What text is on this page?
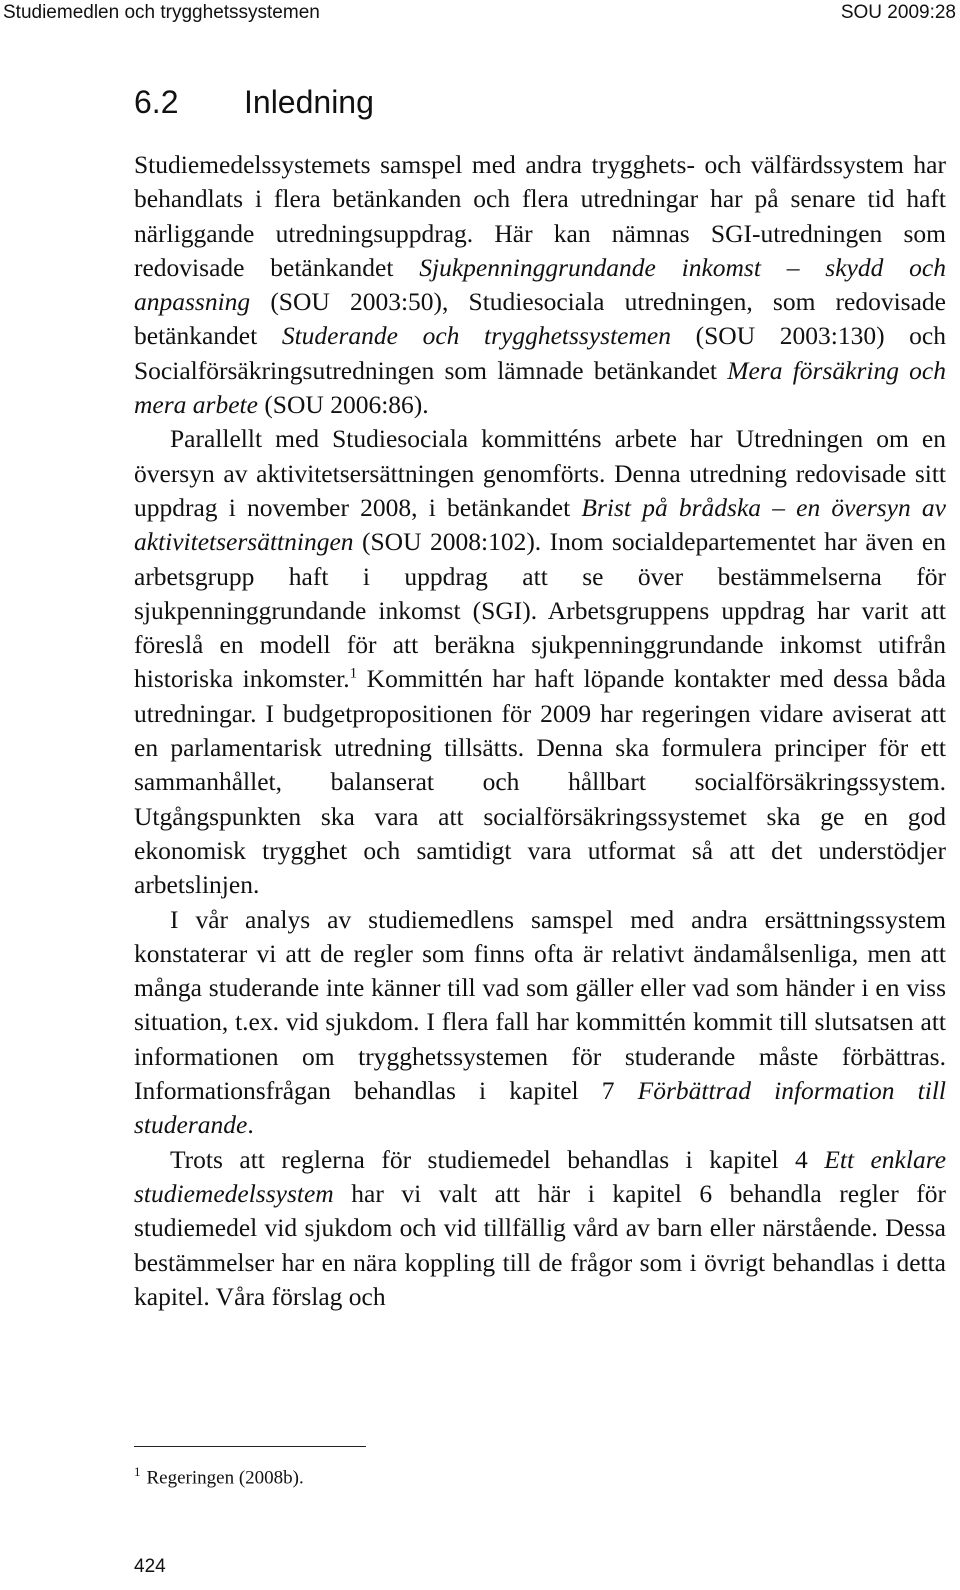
Studiemedlen och trygghetssystemen	SOU 2009:28
6.2 Inledning

Studiemedelssystemets samspel med andra trygghets- och välfärdssystem har behandlats i flera betänkanden och flera utredningar har på senare tid haft närliggande utredningsuppdrag. Här kan nämnas SGI-utredningen som redovisade betänkandet Sjukpenninggrundande inkomst – skydd och anpassning (SOU 2003:50), Studiesociala utredningen, som redovisade betänkandet Studerande och trygghetssystemen (SOU 2003:130) och Socialförsäkringsutredningen som lämnade betänkandet Mera försäkring och mera arbete (SOU 2006:86).

Parallellt med Studiesociala kommitténs arbete har Utredningen om en översyn av aktivitetsersättningen genomförts. Denna utredning redovisade sitt uppdrag i november 2008, i betänkandet Brist på brådska – en översyn av aktivitetsersättningen (SOU 2008:102). Inom socialdepartementet har även en arbetsgrupp haft i uppdrag att se över bestämmelserna för sjukpenninggrundande inkomst (SGI). Arbetsgruppens uppdrag har varit att föreslå en modell för att beräkna sjukpenninggrundande inkomst utifrån historiska inkomster.$^1$ Kommittén har haft löpande kontakter med dessa båda utredningar. I budgetpropositionen för 2009 har regeringen vidare aviserat att en parlamentarisk utredning tillsätts. Denna ska formulera principer för ett sammanhållet, balanserat och hållbart socialförsäkringssystem. Utgångspunkten ska vara att socialförsäkringssystemet ska ge en god ekonomisk trygghet och samtidigt vara utformat så att det understödjer arbetslinjen.

I vår analys av studiemedlens samspel med andra ersättningssystem konstaterar vi att de regler som finns ofta är relativt ändamålsenliga, men att många studerande inte känner till vad som gäller eller vad som händer i en viss situation, t.ex. vid sjukdom. I flera fall har kommittén kommit till slutsatsen att informationen om trygghetssystemen för studerande måste förbättras. Informationsfrågan behandlas i kapitel 7 Förbättrad information till studerande.

Trots att reglerna för studiemedel behandlas i kapitel 4 Ett enklare studiemedelssystem har vi valt att här i kapitel 6 behandla regler för studiemedel vid sjukdom och vid tillfällig vård av barn eller närstående. Dessa bestämmelser har en nära koppling till de frågor som i övrigt behandlas i detta kapitel. Våra förslag och

$^1$ Regeringen (2008b).
424
